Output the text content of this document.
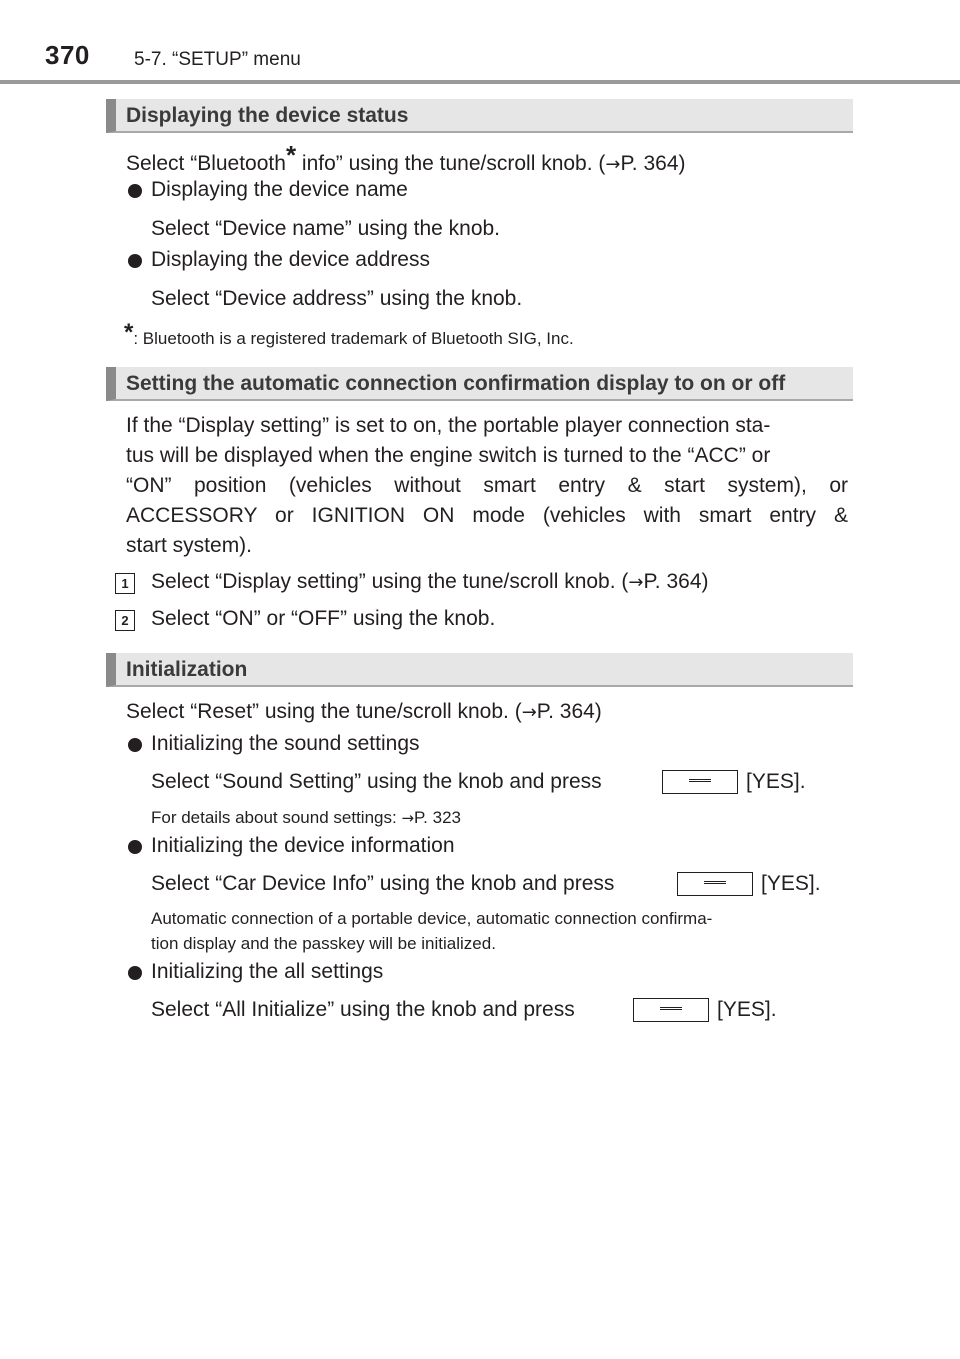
370 5-7. “SETUP” menu
Displaying the device status
Select “Bluetooth* info” using the tune/scroll knob. (→P. 364)
Displaying the device name
Select “Device name” using the knob.
Displaying the device address
Select “Device address” using the knob.
*: Bluetooth is a registered trademark of Bluetooth SIG, Inc.
Setting the automatic connection confirmation display to on or off
If the “Display setting” is set to on, the portable player connection sta-
tus will be displayed when the engine switch is turned to the “ACC” or
“ON” position (vehicles without smart entry & start system), or
ACCESSORY or IGNITION ON mode (vehicles with smart entry &
start system).
1	Select “Display setting” using the tune/scroll knob. (→P. 364)
2	Select “ON” or “OFF” using the knob.
Initialization
Select “Reset” using the tune/scroll knob. (→P. 364)
Initializing the sound settings
Select “Sound Setting” using the knob and press	[YES].
For details about sound settings: →P. 323
Initializing the device information
Select “Car Device Info” using the knob and press	[YES].
Automatic connection of a portable device, automatic connection confirma-
tion display and the passkey will be initialized.
Initializing the all settings
Select “All Initialize” using the knob and press	[YES].
